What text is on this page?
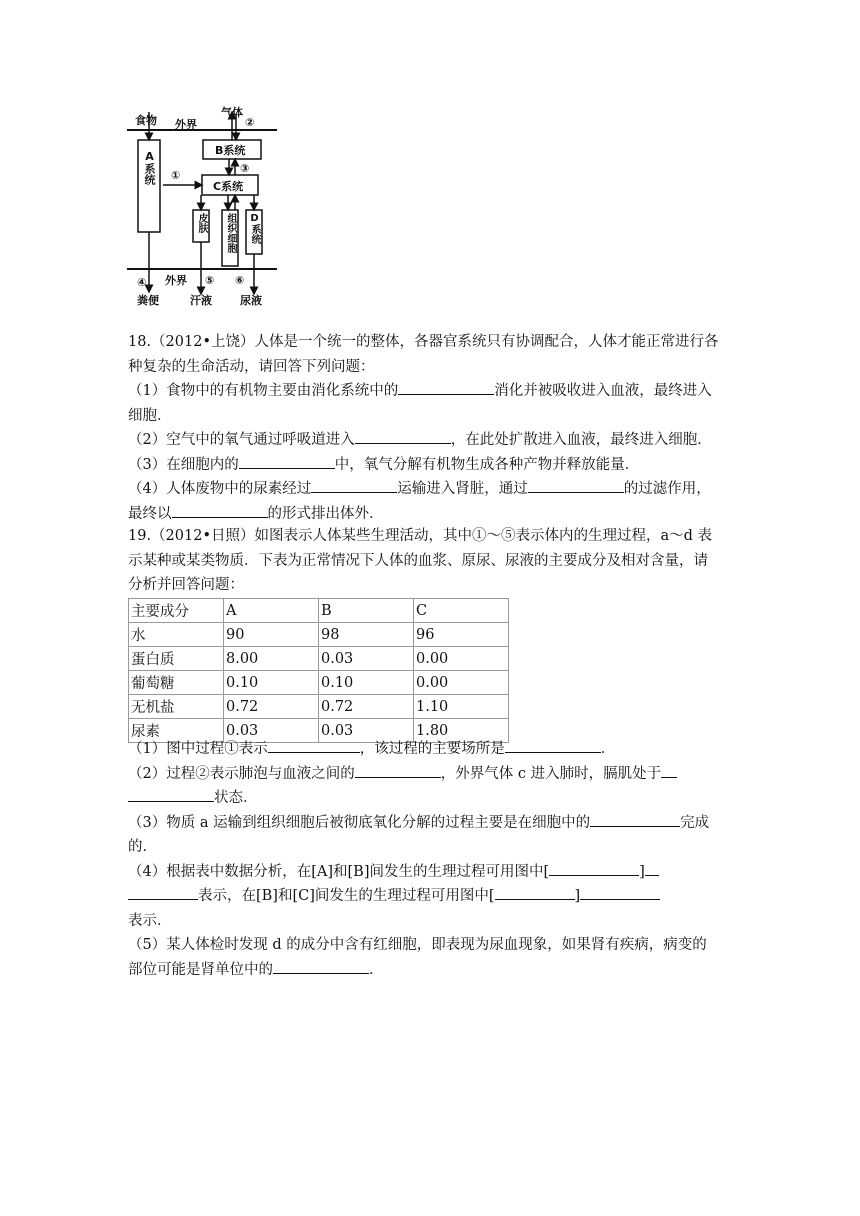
食物 外界
气体
②
B系统
③
①
C系统
④ 外界 ⑤ ⑥
粪便	汗液	尿液
A系统
皮肤	组织细胞	D系统

18.（2012•上饶）人体是一个统一的整体，各器官系统只有协调配合，人体才能正常进行各

种复杂的生命活动，请回答下列问题：

（1）食物中的有机物主要由消化系统中的	消化并被吸收进入血液，最终进入

细胞．

（2）空气中的氧气通过呼吸道进入	，在此处扩散进入血液，最终进入细胞．

（3）在细胞内的	中，氧气分解有机物生成各种产物并释放能量．

（4）人体废物中的尿素经过	运输进入肾脏，通过	的过滤作用，

最终以	的形式排出体外．

19.（2012•日照）如图表示人体某些生理活动，其中①～⑤表示体内的生理过程，a～d 表

示某种或某类物质．下表为正常情况下人体的血浆、原尿、尿液的主要成分及相对含量，请

分析并回答问题：

主要成分	A	B	C
水	90	98	96
蛋白质	8.00	0.03	0.00
葡萄糖	0.10	0.10	0.00
无机盐	0.72	0.72	1.10
尿素	0.03	0.03	1.80

（1）图中过程①表示	，该过程的主要场所是	．

（2）过程②表示肺泡与血液之间的	，外界气体 c 进入肺时，膈肌处于

状态．

（3）物质 a 运输到组织细胞后被彻底氧化分解的过程主要是在细胞中的	完成

的．

（4）根据表中数据分析，在[A]和[B]间发生的生理过程可用图中[	]

表示，在[B]和[C]间发生的生理过程可用图中[	]

表示．

（5）某人体检时发现 d 的成分中含有红细胞，即表现为尿血现象，如果肾有疾病，病变的

部位可能是肾单位中的	．
